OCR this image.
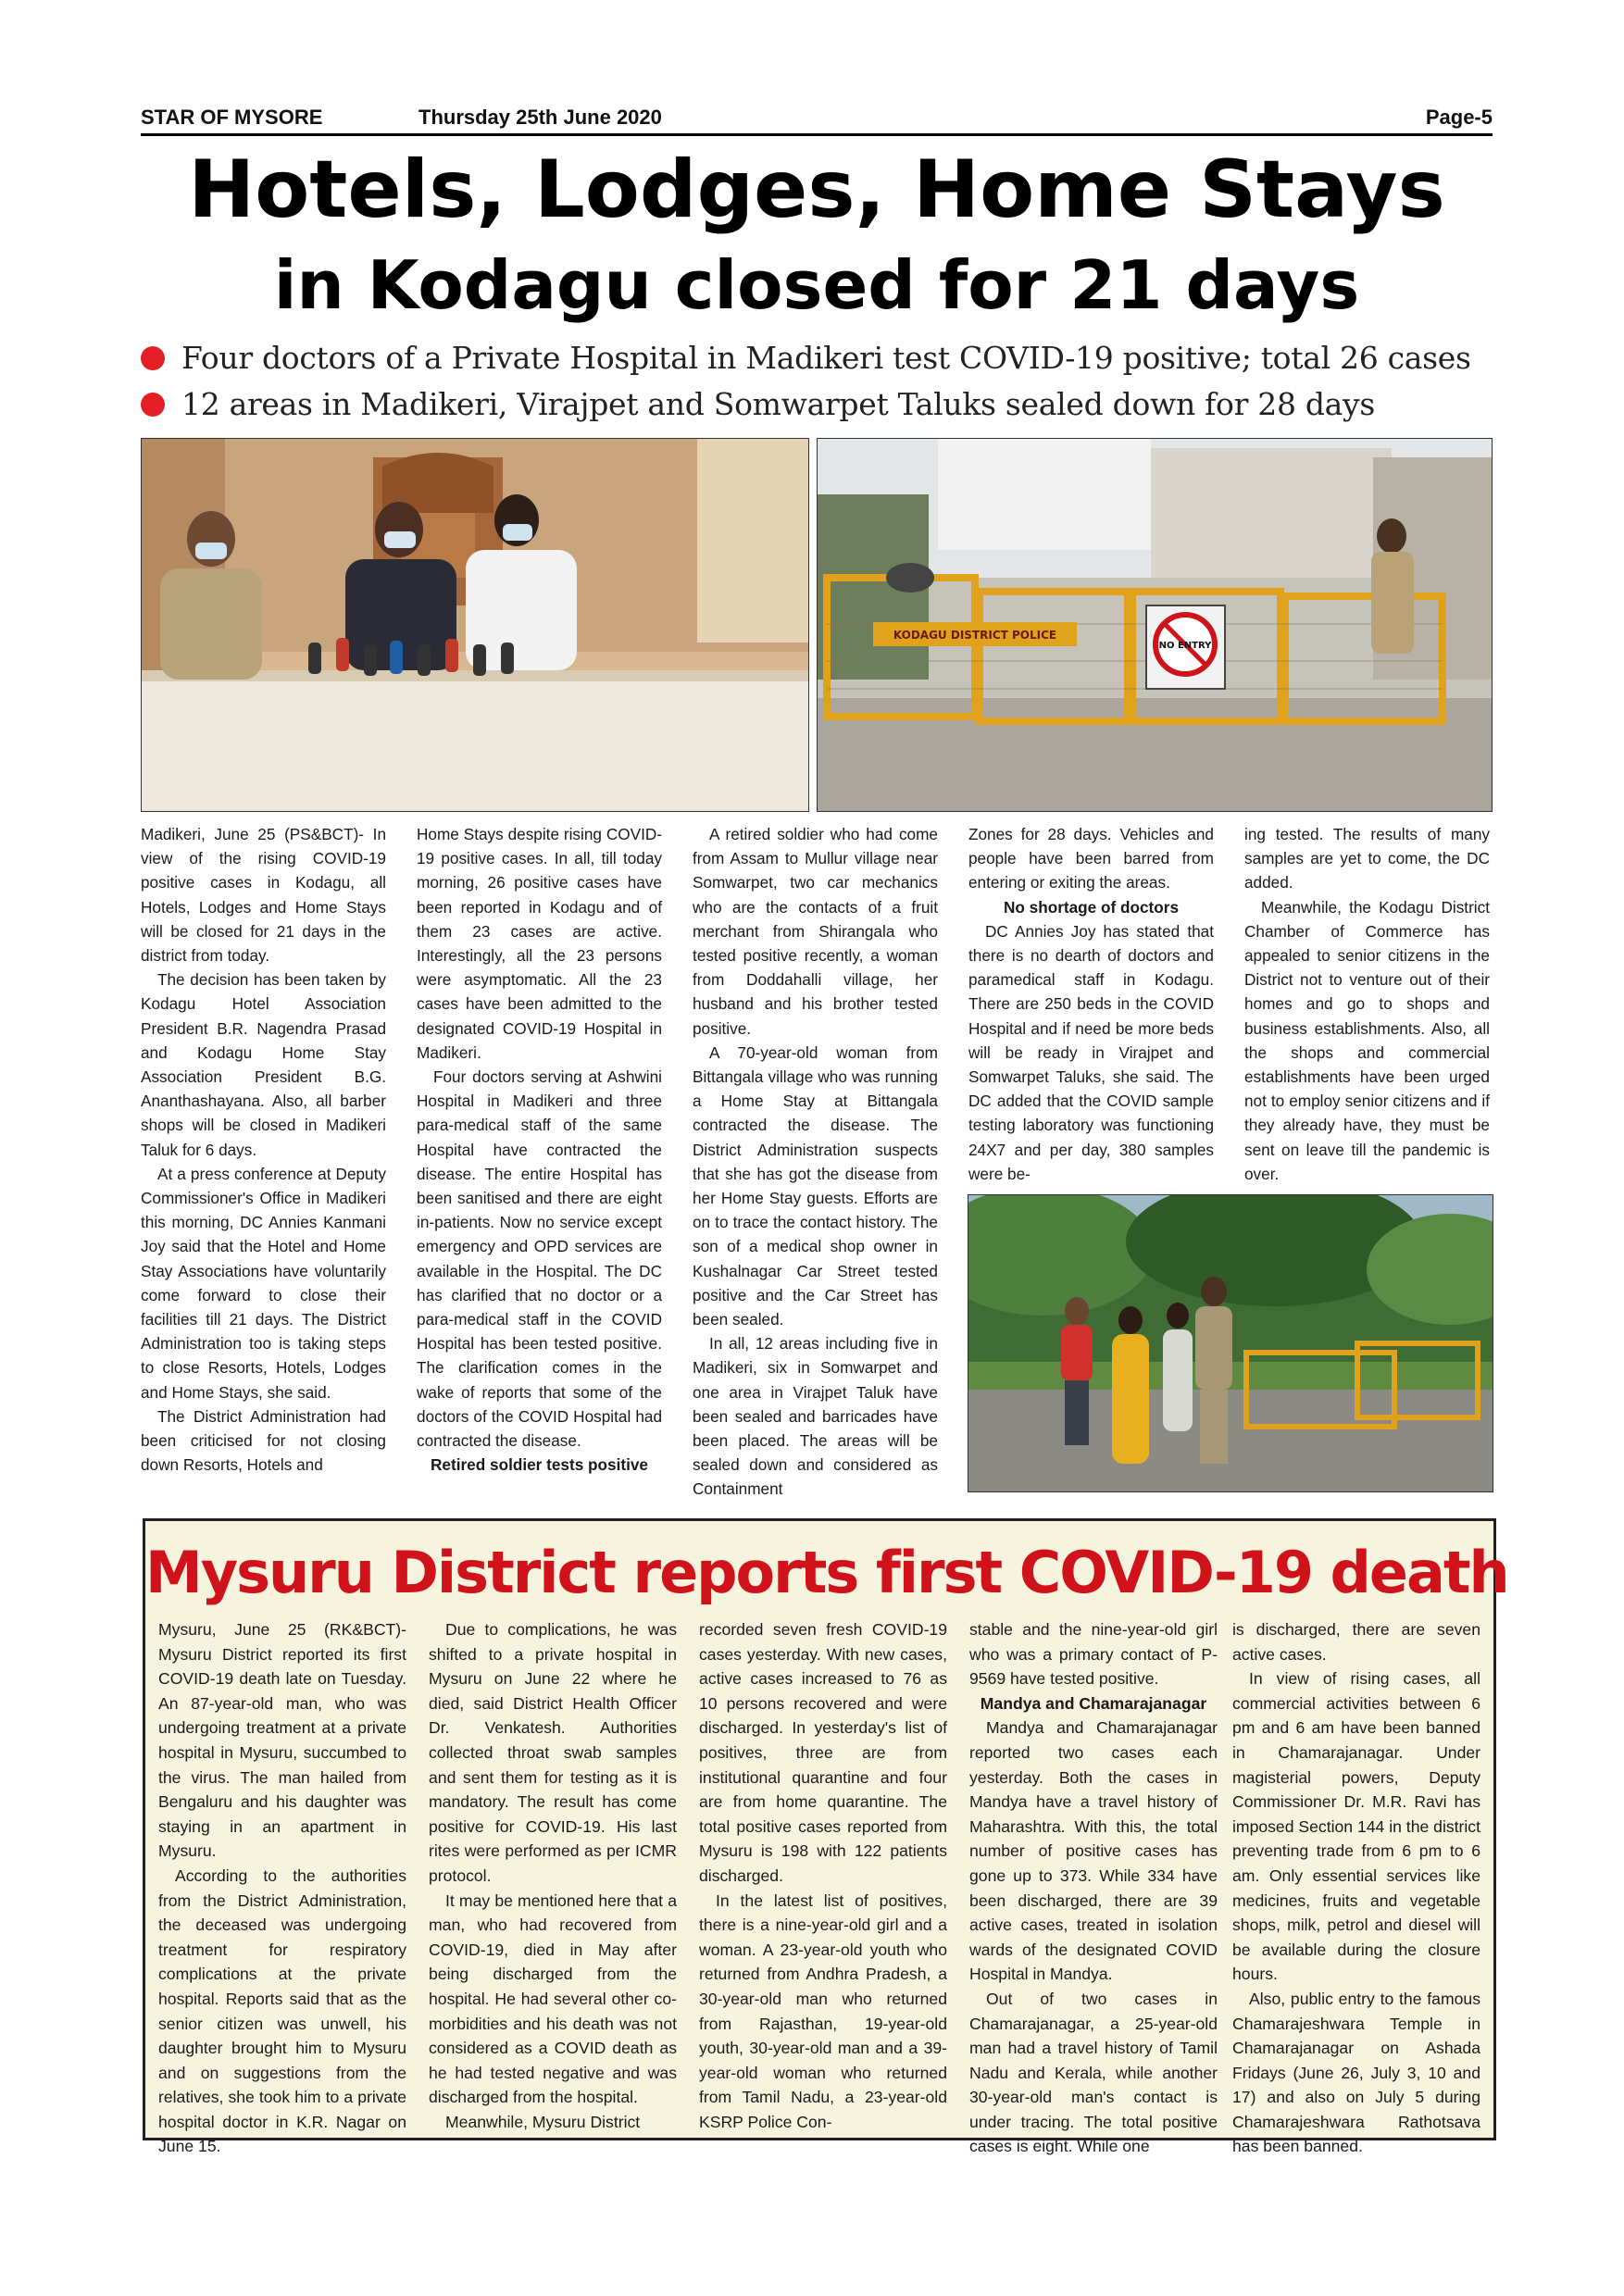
STAR OF MYSORE	Thursday 25th June 2020	Page-5
Hotels, Lodges, Home Stays
in Kodagu closed for 21 days
Four doctors of a Private Hospital in Madikeri test COVID-19 positive; total 26 cases
12 areas in Madikeri, Virajpet and Somwarpet Taluks sealed down for 28 days
KODAGU DISTRICT POLICE
NO ENTRY

Madikeri, June 25 (PS&BCT)- In view of the rising COVID-19 positive cases in Kodagu, all Hotels, Lodges and Home Stays will be closed for 21 days in the district from today.

The decision has been taken by Kodagu Hotel Association President B.R. Nagendra Prasad and Kodagu Home Stay Association President B.G. Ananthashayana. Also, all barber shops will be closed in Madikeri Taluk for 6 days.

At a press conference at Deputy Commissioner's Office in Madikeri this morning, DC Annies Kanmani Joy said that the Hotel and Home Stay Associations have voluntarily come forward to close their facilities till 21 days. The District Administration too is taking steps to close Resorts, Hotels, Lodges and Home Stays, she said.

The District Administration had been criticised for not closing down Resorts, Hotels and

Home Stays despite rising COVID-19 positive cases. In all, till today morning, 26 positive cases have been reported in Kodagu and of them 23 cases are active. Interestingly, all the 23 persons were asymptomatic. All the 23 cases have been admitted to the designated COVID-19 Hospital in Madikeri.

Four doctors serving at Ashwini Hospital in Madikeri and three para-medical staff of the same Hospital have contracted the disease. The entire Hospital has been sanitised and there are eight in-patients. Now no service except emergency and OPD services are available in the Hospital. The DC has clarified that no doctor or a para-medical staff in the COVID Hospital has been tested positive. The clarification comes in the wake of reports that some of the doctors of the COVID Hospital had contracted the disease.

Retired soldier tests positive

A retired soldier who had come from Assam to Mullur village near Somwarpet, two car mechanics who are the contacts of a fruit merchant from Shirangala who tested positive recently, a woman from Doddahalli village, her husband and his brother tested positive.

A 70-year-old woman from Bittangala village who was running a Home Stay at Bittangala contracted the disease. The District Administration suspects that she has got the disease from her Home Stay guests. Efforts are on to trace the contact history. The son of a medical shop owner in Kushalnagar Car Street tested positive and the Car Street has been sealed.

In all, 12 areas including five in Madikeri, six in Somwarpet and one area in Virajpet Taluk have been sealed and barricades have been placed. The areas will be sealed down and considered as Containment

Zones for 28 days. Vehicles and people have been barred from entering or exiting the areas.

No shortage of doctors

DC Annies Joy has stated that there is no dearth of doctors and paramedical staff in Kodagu. There are 250 beds in the COVID Hospital and if need be more beds will be ready in Virajpet and Somwarpet Taluks, she said. The DC added that the COVID sample testing laboratory was functioning 24X7 and per day, 380 samples were be-

ing tested. The results of many samples are yet to come, the DC added.

Meanwhile, the Kodagu District Chamber of Commerce has appealed to senior citizens in the District not to venture out of their homes and go to shops and business establishments. Also, all the shops and commercial establishments have been urged not to employ senior citizens and if they already have, they must be sent on leave till the pandemic is over.

Mysuru District reports first COVID-19 death

Mysuru, June 25 (RK&BCT)- Mysuru District reported its first COVID-19 death late on Tuesday. An 87-year-old man, who was undergoing treatment at a private hospital in Mysuru, succumbed to the virus. The man hailed from Bengaluru and his daughter was staying in an apartment in Mysuru.

According to the authorities from the District Administration, the deceased was undergoing treatment for respiratory complications at the private hospital. Reports said that as the senior citizen was unwell, his daughter brought him to Mysuru and on suggestions from the relatives, she took him to a private hospital doctor in K.R. Nagar on June 15.

Due to complications, he was shifted to a private hospital in Mysuru on June 22 where he died, said District Health Officer Dr. Venkatesh. Authorities collected throat swab samples and sent them for testing as it is mandatory. The result has come positive for COVID-19. His last rites were performed as per ICMR protocol.

It may be mentioned here that a man, who had recovered from COVID-19, died in May after being discharged from the hospital. He had several other co-morbidities and his death was not considered as a COVID death as he had tested negative and was discharged from the hospital.

Meanwhile, Mysuru District

recorded seven fresh COVID-19 cases yesterday. With new cases, active cases increased to 76 as 10 persons recovered and were discharged. In yesterday's list of positives, three are from institutional quarantine and four are from home quarantine. The total positive cases reported from Mysuru is 198 with 122 patients discharged.

In the latest list of positives, there is a nine-year-old girl and a woman. A 23-year-old youth who returned from Andhra Pradesh, a 30-year-old man who returned from Rajasthan, 19-year-old youth, 30-year-old man and a 39-year-old woman who returned from Tamil Nadu, a 23-year-old KSRP Police Con-

stable and the nine-year-old girl who was a primary contact of P-9569 have tested positive.

Mandya and Chamarajanagar

Mandya and Chamarajanagar reported two cases each yesterday. Both the cases in Mandya have a travel history of Maharashtra. With this, the total number of positive cases has gone up to 373. While 334 have been discharged, there are 39 active cases, treated in isolation wards of the designated COVID Hospital in Mandya.

Out of two cases in Chamarajanagar, a 25-year-old man had a travel history of Tamil Nadu and Kerala, while another 30-year-old man's contact is under tracing. The total positive cases is eight. While one

is discharged, there are seven active cases.

In view of rising cases, all commercial activities between 6 pm and 6 am have been banned in Chamarajanagar. Under magisterial powers, Deputy Commissioner Dr. M.R. Ravi has imposed Section 144 in the district preventing trade from 6 pm to 6 am. Only essential services like medicines, fruits and vegetable shops, milk, petrol and diesel will be available during the closure hours.

Also, public entry to the famous Chamarajeshwara Temple in Chamarajanagar on Ashada Fridays (June 26, July 3, 10 and 17) and also on July 5 during Chamarajeshwara Rathotsava has been banned.
